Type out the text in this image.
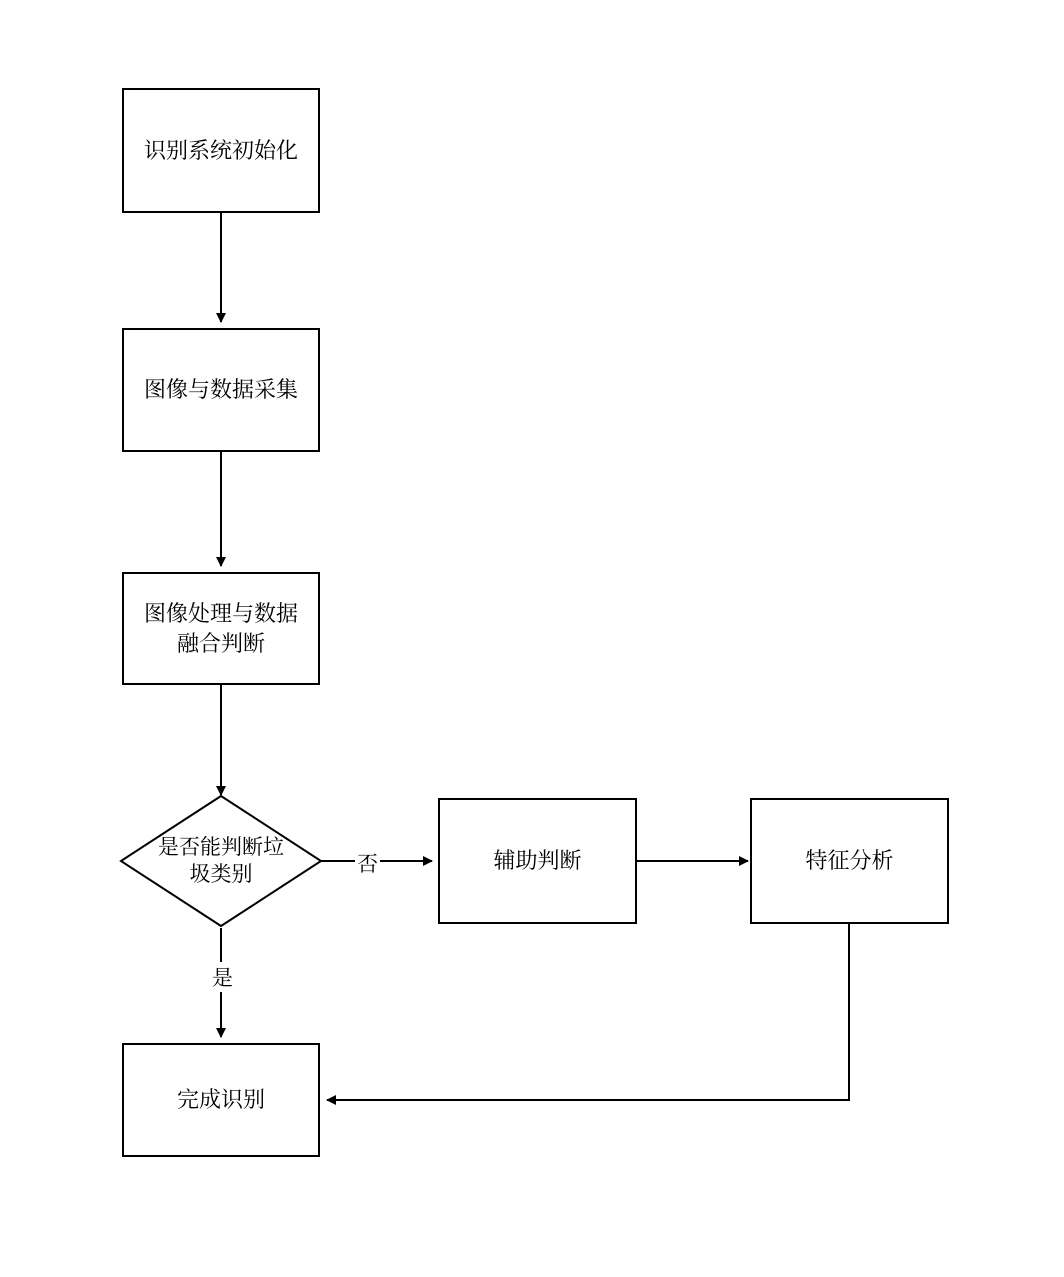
识别系统初始化
图像与数据采集
图像处理与数据
融合判断
是否能判断垃
圾类别
辅助判断	特征分析
完成识别
否
是
